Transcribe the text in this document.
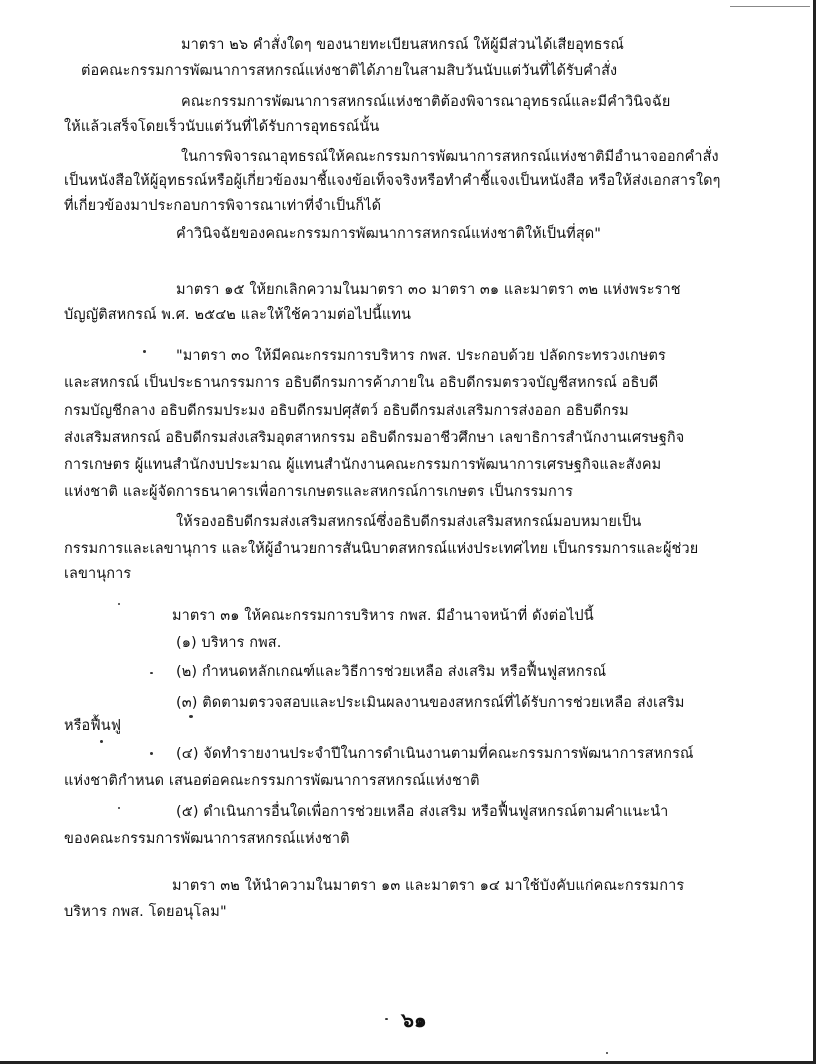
มาตรา ๒๖ คำสั่งใดๆ ของนายทะเบียนสหกรณ์ ให้ผู้มีส่วนได้เสียอุทธรณ์
ต่อคณะกรรมการพัฒนาการสหกรณ์แห่งชาติได้ภายในสามสิบวันนับแต่วันที่ได้รับคำสั่ง
คณะกรรมการพัฒนาการสหกรณ์แห่งชาติต้องพิจารณาอุทธรณ์และมีคำวินิจฉัย
ให้แล้วเสร็จโดยเร็วนับแต่วันที่ได้รับการอุทธรณ์นั้น
ในการพิจารณาอุทธรณ์ให้คณะกรรมการพัฒนาการสหกรณ์แห่งชาติมีอำนาจออกคำสั่ง
เป็นหนังสือให้ผู้อุทธรณ์หรือผู้เกี่ยวข้องมาชี้แจงข้อเท็จจริงหรือทำคำชี้แจงเป็นหนังสือ หรือให้ส่งเอกสารใดๆ
ที่เกี่ยวข้องมาประกอบการพิจารณาเท่าที่จำเป็นก็ได้
คำวินิจฉัยของคณะกรรมการพัฒนาการสหกรณ์แห่งชาติให้เป็นที่สุด"
มาตรา ๑๕ ให้ยกเลิกความในมาตรา ๓๐ มาตรา ๓๑ และมาตรา ๓๒ แห่งพระราช
บัญญัติสหกรณ์ พ.ศ. ๒๕๔๒ และให้ใช้ความต่อไปนี้แทน
"มาตรา ๓๐ ให้มีคณะกรรมการบริหาร กพส. ประกอบด้วย ปลัดกระทรวงเกษตร
และสหกรณ์ เป็นประธานกรรมการ อธิบดีกรมการค้าภายใน อธิบดีกรมตรวจบัญชีสหกรณ์ อธิบดี
กรมบัญชีกลาง อธิบดีกรมประมง อธิบดีกรมปศุสัตว์ อธิบดีกรมส่งเสริมการส่งออก อธิบดีกรม
ส่งเสริมสหกรณ์ อธิบดีกรมส่งเสริมอุตสาหกรรม อธิบดีกรมอาชีวศึกษา เลขาธิการสำนักงานเศรษฐกิจ
การเกษตร ผู้แทนสำนักงบประมาณ ผู้แทนสำนักงานคณะกรรมการพัฒนาการเศรษฐกิจและสังคม
แห่งชาติ และผู้จัดการธนาคารเพื่อการเกษตรและสหกรณ์การเกษตร เป็นกรรมการ
ให้รองอธิบดีกรมส่งเสริมสหกรณ์ซึ่งอธิบดีกรมส่งเสริมสหกรณ์มอบหมายเป็น
กรรมการและเลขานุการ และให้ผู้อำนวยการสันนิบาตสหกรณ์แห่งประเทศไทย เป็นกรรมการและผู้ช่วย
เลขานุการ
มาตรา ๓๑ ให้คณะกรรมการบริหาร กพส. มีอำนาจหน้าที่ ดังต่อไปนี้
(๑) บริหาร กพส.
(๒) กำหนดหลักเกณฑ์และวิธีการช่วยเหลือ ส่งเสริม หรือฟื้นฟูสหกรณ์
(๓) ติดตามตรวจสอบและประเมินผลงานของสหกรณ์ที่ได้รับการช่วยเหลือ ส่งเสริม
หรือฟื้นฟู
(๔) จัดทำรายงานประจำปีในการดำเนินงานตามที่คณะกรรมการพัฒนาการสหกรณ์
แห่งชาติกำหนด เสนอต่อคณะกรรมการพัฒนาการสหกรณ์แห่งชาติ
(๕) ดำเนินการอื่นใดเพื่อการช่วยเหลือ ส่งเสริม หรือฟื้นฟูสหกรณ์ตามคำแนะนำ
ของคณะกรรมการพัฒนาการสหกรณ์แห่งชาติ
มาตรา ๓๒ ให้นำความในมาตรา ๑๓ และมาตรา ๑๔ มาใช้บังคับแก่คณะกรรมการ
บริหาร กพส. โดยอนุโลม"
๖๑
